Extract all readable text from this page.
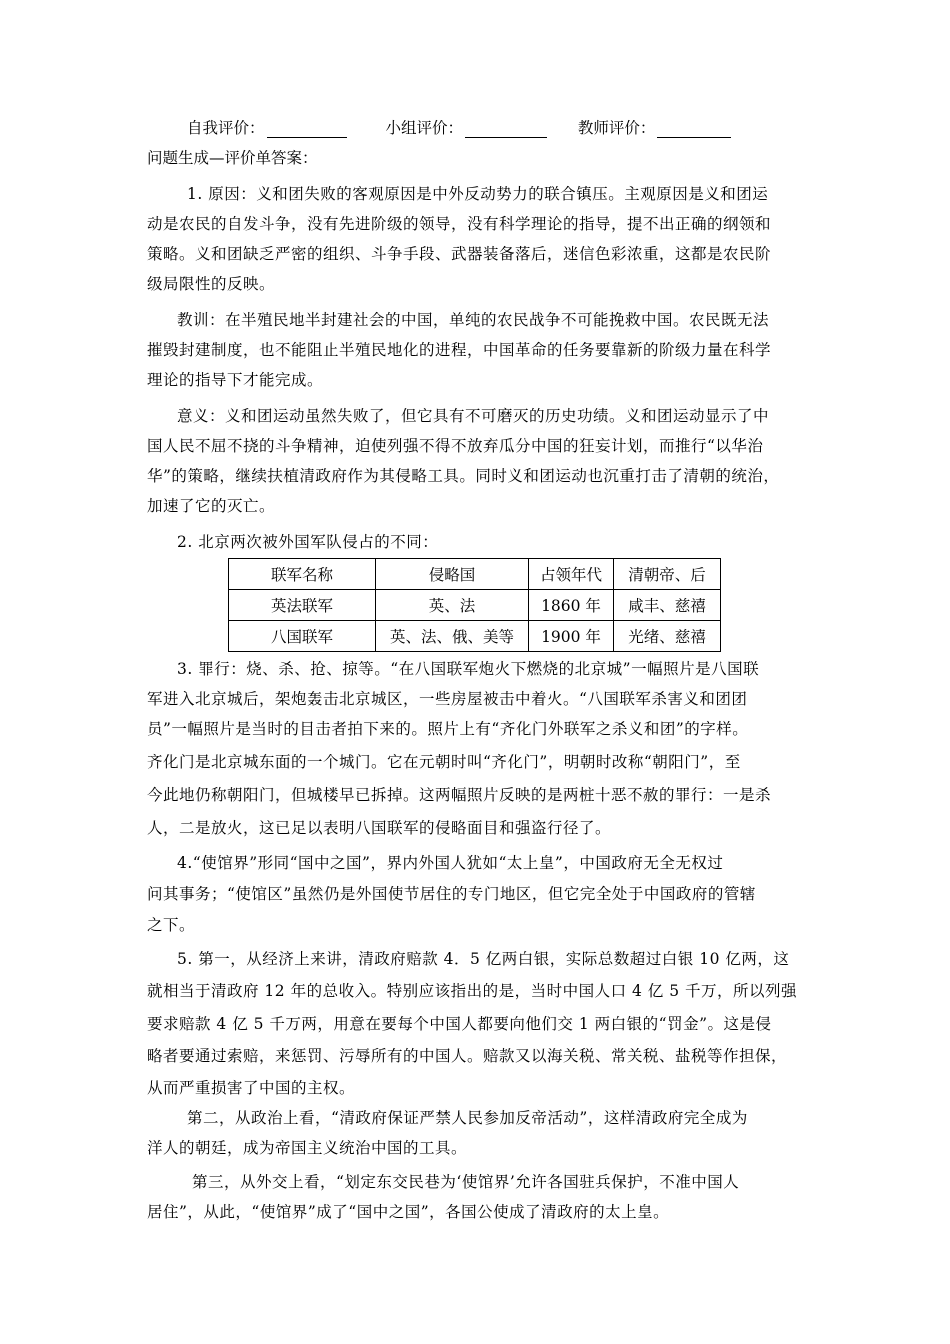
自我评价：	小组评价：	教师评价：
问题生成—评价单答案：
1. 原因：义和团失败的客观原因是中外反动势力的联合镇压。主观原因是义和团运
动是农民的自发斗争，没有先进阶级的领导，没有科学理论的指导，提不出正确的纲领和
策略。义和团缺乏严密的组织、斗争手段、武器装备落后，迷信色彩浓重，这都是农民阶
级局限性的反映。
教训：在半殖民地半封建社会的中国，单纯的农民战争不可能挽救中国。农民既无法
摧毁封建制度，也不能阻止半殖民地化的进程，中国革命的任务要靠新的阶级力量在科学
理论的指导下才能完成。
意义：义和团运动虽然失败了，但它具有不可磨灭的历史功绩。义和团运动显示了中
国人民不屈不挠的斗争精神，迫使列强不得不放弃瓜分中国的狂妄计划，而推行“以华治
华”的策略，继续扶植清政府作为其侵略工具。同时义和团运动也沉重打击了清朝的统治，
加速了它的灭亡。
2. 北京两次被外国军队侵占的不同：
联军名称	侵略国	占领年代	清朝帝、后
英法联军	英、法	1860 年	咸丰、慈禧
八国联军	英、法、俄、美等	1900 年	光绪、慈禧
3. 罪行：烧、杀、抢、掠等。“在八国联军炮火下燃烧的北京城”一幅照片是八国联
军进入北京城后，架炮轰击北京城区，一些房屋被击中着火。“八国联军杀害义和团团
员”一幅照片是当时的目击者拍下来的。照片上有“齐化门外联军之杀义和团”的字样。
齐化门是北京城东面的一个城门。它在元朝时叫“齐化门”，明朝时改称“朝阳门”，至
今此地仍称朝阳门，但城楼早已拆掉。这两幅照片反映的是两桩十恶不赦的罪行：一是杀
人，二是放火，这已足以表明八国联军的侵略面目和强盗行径了。
4.“使馆界”形同“国中之国”，界内外国人犹如“太上皇”，中国政府无全无权过
问其事务；“使馆区”虽然仍是外国使节居住的专门地区，但它完全处于中国政府的管辖
之下。
5. 第一，从经济上来讲，清政府赔款 4．5 亿两白银，实际总数超过白银 10 亿两，这
就相当于清政府 12 年的总收入。特别应该指出的是，当时中国人口 4 亿 5 千万，所以列强
要求赔款 4 亿 5 千万两，用意在要每个中国人都要向他们交 1 两白银的“罚金”。这是侵
略者要通过索赔，来惩罚、污辱所有的中国人。赔款又以海关税、常关税、盐税等作担保，
从而严重损害了中国的主权。
第二，从政治上看，“清政府保证严禁人民参加反帝活动”，这样清政府完全成为
洋人的朝廷，成为帝国主义统治中国的工具。
第三，从外交上看，“划定东交民巷为‘使馆界’允许各国驻兵保护，不准中国人
居住”，从此，“使馆界”成了“国中之国”，各国公使成了清政府的太上皇。
